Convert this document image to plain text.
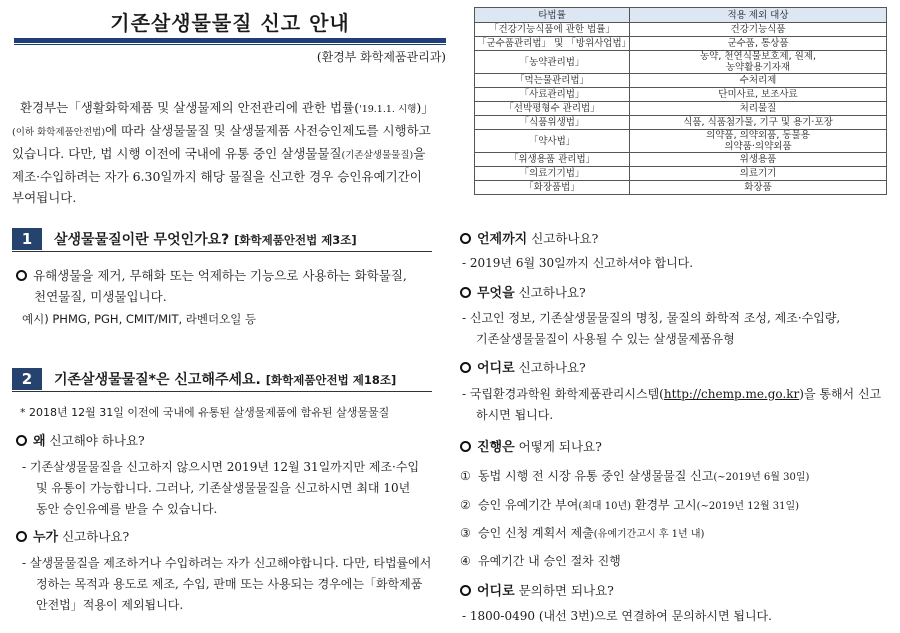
기존살생물물질 신고 안내
(환경부 화학제품관리과)

환경부는「생활화학제품 및 살생물제의 안전관리에 관한 법률('19.1.1. 시행)」

(이하 화학제품안전법)에 따라 살생물물질 및 살생물제품 사전승인제도를 시행하고

있습니다. 다만, 법 시행 이전에 국내에 유통 중인 살생물물질(기존살생물물질)을

제조·수입하려는 자가 6.30일까지 해당 물질을 신고한 경우 승인유예기간이

부여됩니다.

1	살생물물질이란 무엇인가요? [화학제품안전법 제3조]
유해생물을 제거, 무해화 또는 억제하는 기능으로 사용하는 화학물질,
천연물질, 미생물입니다.
예시) PHMG, PGH, CMIT/MIT, 라벤더오일 등
2	기존살생물물질*은 신고해주세요. [화학제품안전법 제18조]
* 2018년 12월 31일 이전에 국내에 유통된 살생물제품에 함유된 살생물물질
왜 신고해야 하나요?
- 기존살생물물질을 신고하지 않으시면 2019년 12월 31일까지만 제조·수입
및 유통이 가능합니다. 그러나, 기존살생물물질을 신고하시면 최대 10년
동안 승인유예를 받을 수 있습니다.
누가 신고하나요?
- 살생물물질을 제조하거나 수입하려는 자가 신고해야합니다. 다만, 타법률에서
정하는 목적과 용도로 제조, 수입, 판매 또는 사용되는 경우에는「화학제품
안전법」적용이 제외됩니다.
타법률	적용 제외 대상
「건강기능식품에 관한 법률」	건강기능식품

「군수품관리법」 및 「방위사업법」	군수품, 통상품

「농약관리법」	농약, 천연식물보호제, 원제,
농약활용기자재

「먹는물관리법」	수처리제

「사료관리법」	단미사료, 보조사료

「선박평형수 관리법」	처리물질

「식품위생법」	식품, 식품첨가물, 기구 및 용기·포장

「약사법」	의약품, 의약외품, 동물용
의약품·의약외품

「위생용품 관리법」	위생용품

「의료기기법」	의료기기

「화장품법」	화장품
언제까지 신고하나요?
- 2019년 6월 30일까지 신고하셔야 합니다.
무엇을 신고하나요?
- 신고인 정보, 기존살생물물질의 명칭, 물질의 화학적 조성, 제조·수입량,
기존살생물물질이 사용될 수 있는 살생물제품유형
어디로 신고하나요?
- 국립환경과학원 화학제품관리시스템(http://chemp.me.go.kr)을 통해서 신고
하시면 됩니다.
진행은 어떻게 되나요?
① 동법 시행 전 시장 유통 중인 살생물물질 신고(~2019년 6월 30일)
② 승인 유예기간 부여(최대 10년) 환경부 고시(~2019년 12월 31일)
③ 승인 신청 계획서 제출(유예기간고시 후 1년 내)
④ 유예기간 내 승인 절차 진행
어디로 문의하면 되나요?
- 1800-0490 (내선 3번)으로 연결하여 문의하시면 됩니다.
